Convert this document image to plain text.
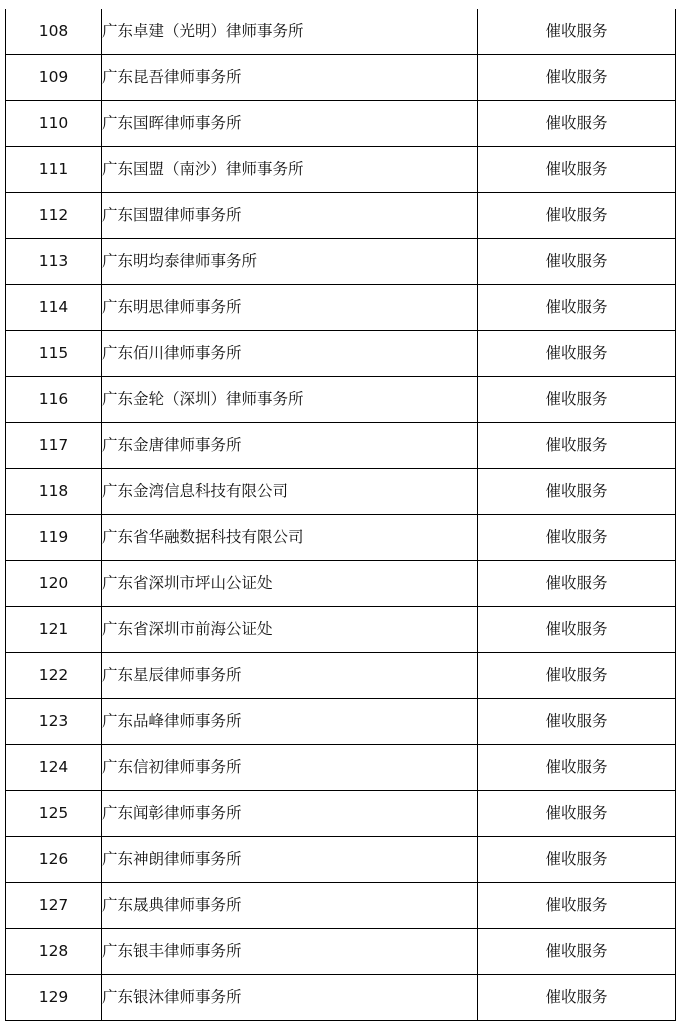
108	广东卓建（光明）律师事务所	催收服务
109	广东昆吾律师事务所	催收服务
110	广东国晖律师事务所	催收服务
111	广东国盟（南沙）律师事务所	催收服务
112	广东国盟律师事务所	催收服务
113	广东明均泰律师事务所	催收服务
114	广东明思律师事务所	催收服务
115	广东佰川律师事务所	催收服务
116	广东金轮（深圳）律师事务所	催收服务
117	广东金唐律师事务所	催收服务
118	广东金湾信息科技有限公司	催收服务
119	广东省华融数据科技有限公司	催收服务
120	广东省深圳市坪山公证处	催收服务
121	广东省深圳市前海公证处	催收服务
122	广东星辰律师事务所	催收服务
123	广东品峰律师事务所	催收服务
124	广东信初律师事务所	催收服务
125	广东闻彰律师事务所	催收服务
126	广东神朗律师事务所	催收服务
127	广东晟典律师事务所	催收服务
128	广东银丰律师事务所	催收服务
129	广东银沐律师事务所	催收服务
